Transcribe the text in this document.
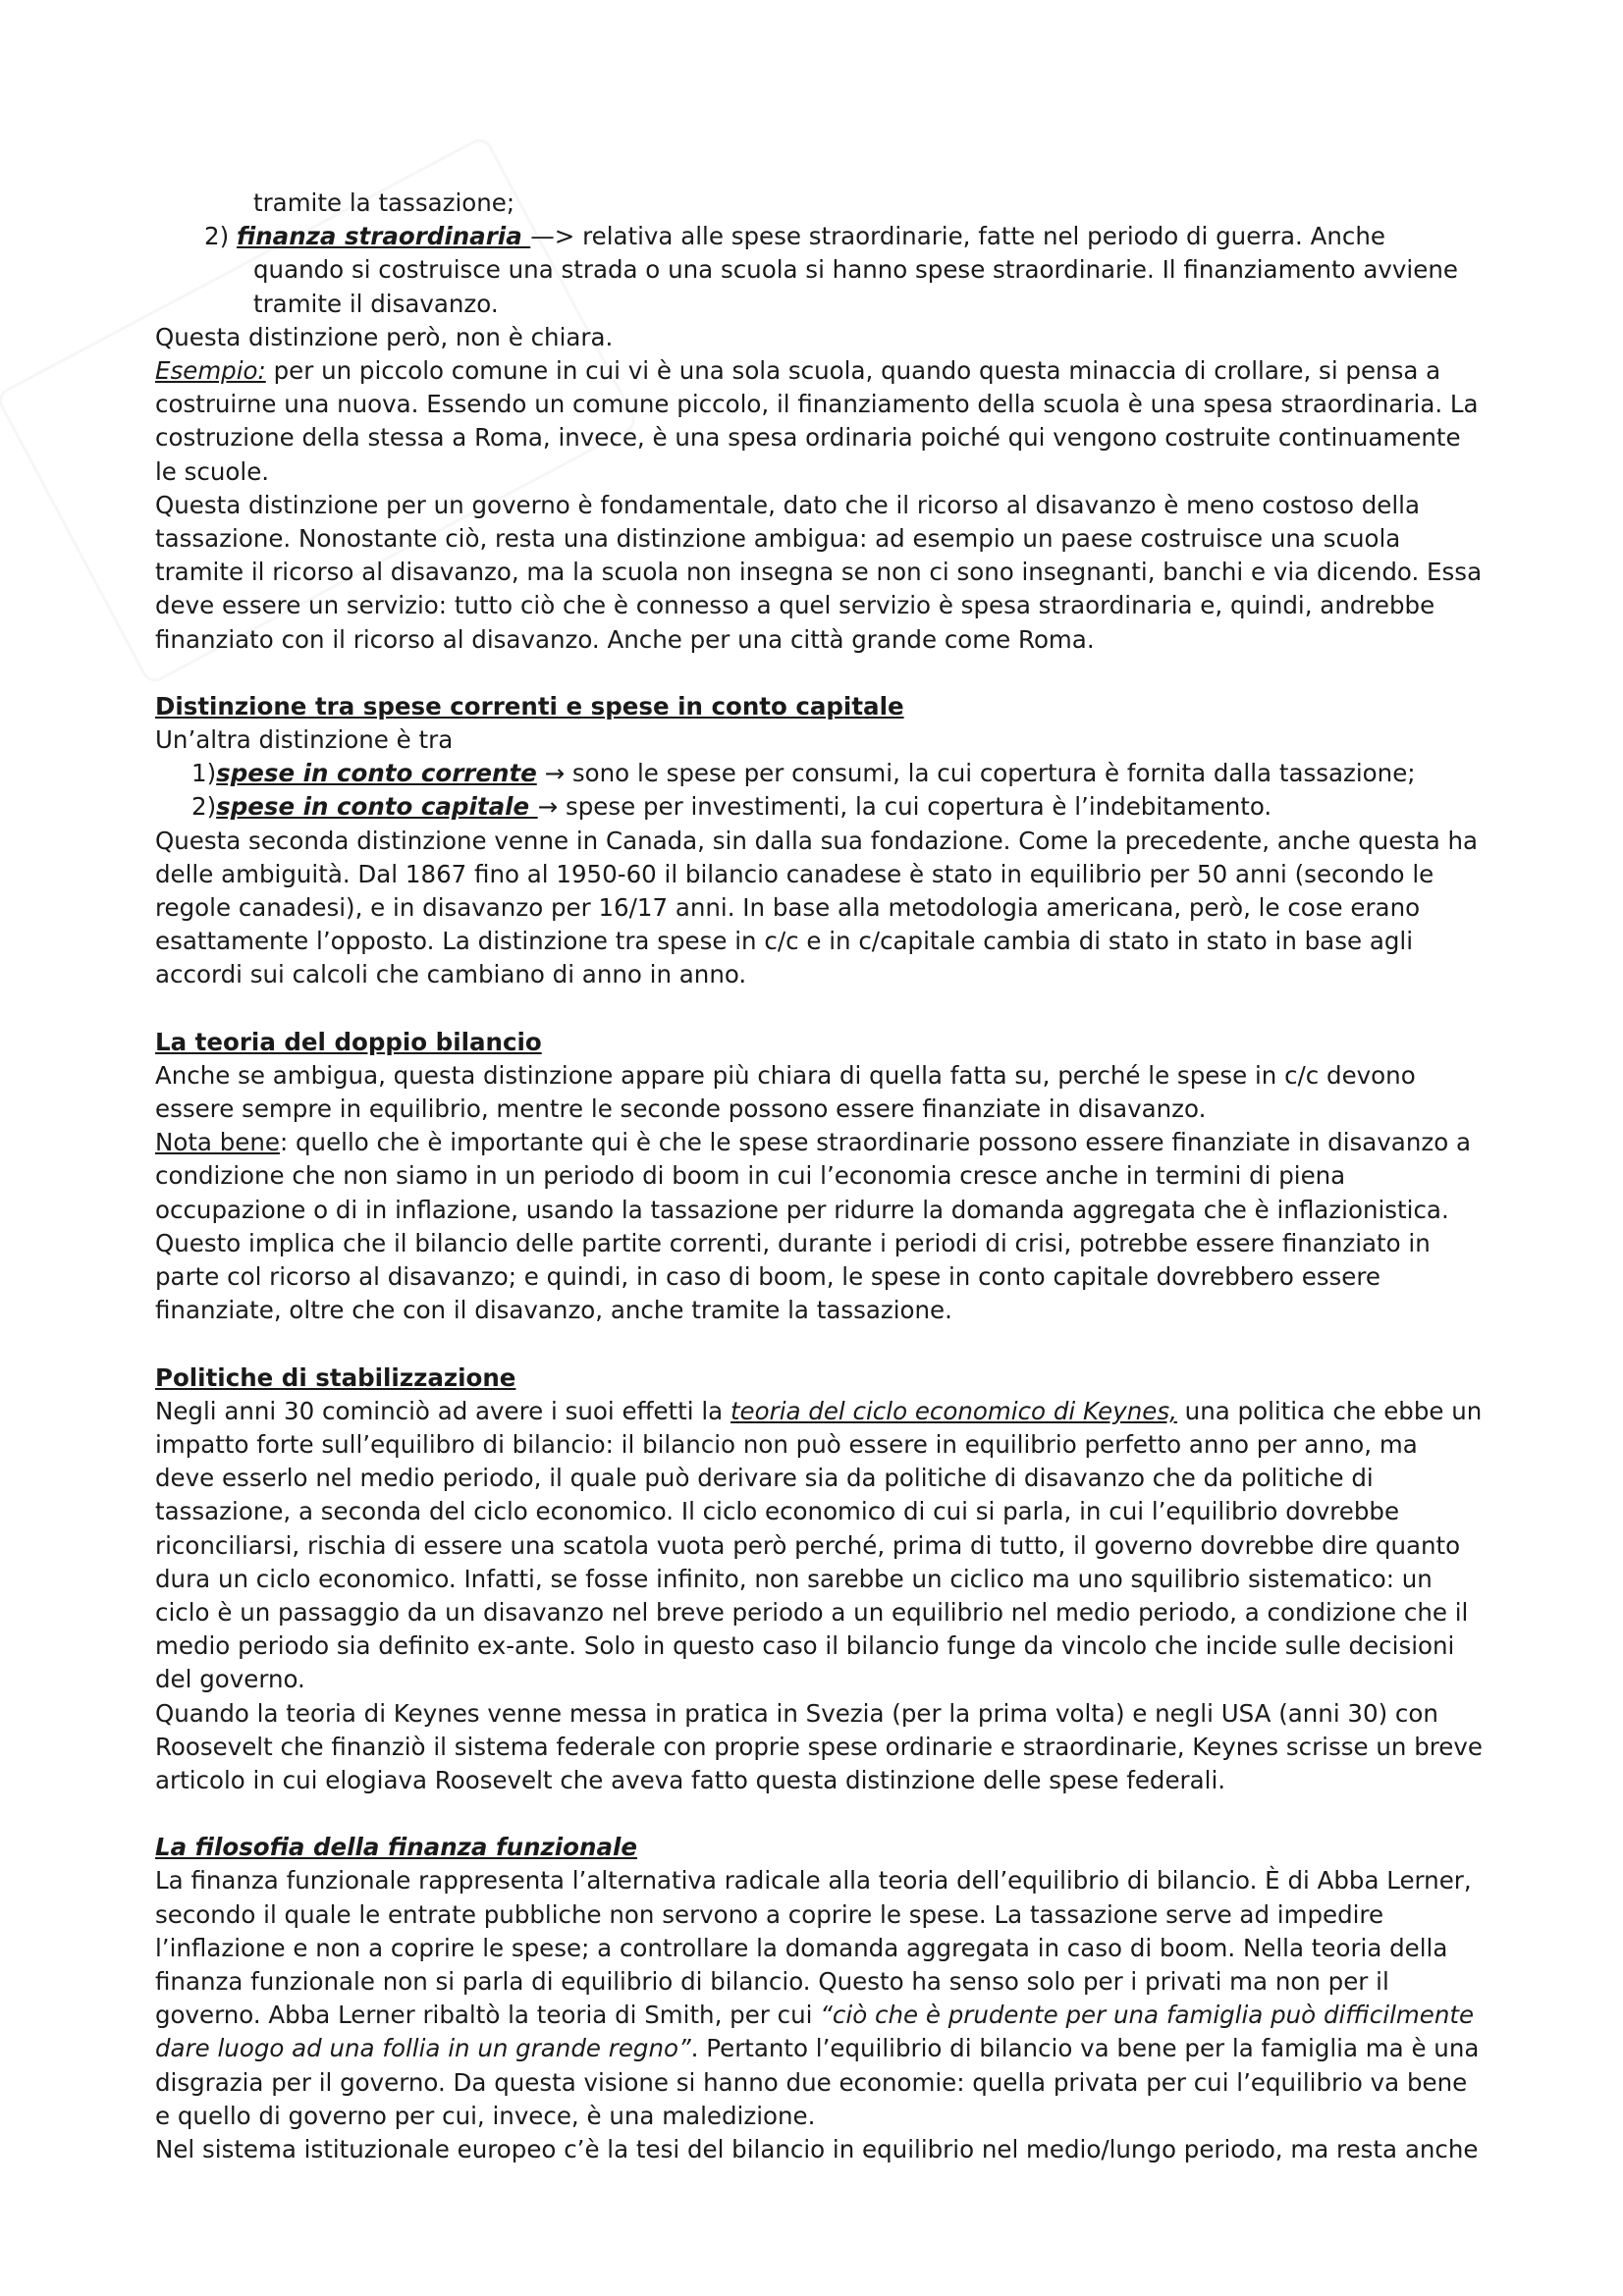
tramite la tassazione;

2) finanza straordinaria —> relativa alle spese straordinarie, fatte nel periodo di guerra. Anche quando si costruisce una strada o una scuola si hanno spese straordinarie. Il finanziamento avviene tramite il disavanzo.

Questa distinzione però, non è chiara.

Esempio: per un piccolo comune in cui vi è una sola scuola, quando questa minaccia di crollare, si pensa a costruirne una nuova. Essendo un comune piccolo, il finanziamento della scuola è una spesa straordinaria. La costruzione della stessa a Roma, invece, è una spesa ordinaria poiché qui vengono costruite continuamente le scuole.

Questa distinzione per un governo è fondamentale, dato che il ricorso al disavanzo è meno costoso della tassazione. Nonostante ciò, resta una distinzione ambigua: ad esempio un paese costruisce una scuola tramite il ricorso al disavanzo, ma la scuola non insegna se non ci sono insegnanti, banchi e via dicendo. Essa deve essere un servizio: tutto ciò che è connesso a quel servizio è spesa straordinaria e, quindi, andrebbe finanziato con il ricorso al disavanzo. Anche per una città grande come Roma.

Distinzione tra spese correnti e spese in conto capitale

Un’altra distinzione è tra

1)spese in conto corrente → sono le spese per consumi, la cui copertura è fornita dalla tassazione;

2)spese in conto capitale → spese per investimenti, la cui copertura è l’indebitamento.

Questa seconda distinzione venne in Canada, sin dalla sua fondazione. Come la precedente, anche questa ha delle ambiguità. Dal 1867 fino al 1950-60 il bilancio canadese è stato in equilibrio per 50 anni (secondo le regole canadesi), e in disavanzo per 16/17 anni. In base alla metodologia americana, però, le cose erano esattamente l’opposto. La distinzione tra spese in c/c e in c/capitale cambia di stato in stato in base agli accordi sui calcoli che cambiano di anno in anno.

La teoria del doppio bilancio

Anche se ambigua, questa distinzione appare più chiara di quella fatta su, perché le spese in c/c devono essere sempre in equilibrio, mentre le seconde possono essere finanziate in disavanzo.

Nota bene: quello che è importante qui è che le spese straordinarie possono essere finanziate in disavanzo a condizione che non siamo in un periodo di boom in cui l’economia cresce anche in termini di piena occupazione o di in inflazione, usando la tassazione per ridurre la domanda aggregata che è inflazionistica. Questo implica che il bilancio delle partite correnti, durante i periodi di crisi, potrebbe essere finanziato in parte col ricorso al disavanzo; e quindi, in caso di boom, le spese in conto capitale dovrebbero essere finanziate, oltre che con il disavanzo, anche tramite la tassazione.

Politiche di stabilizzazione

Negli anni 30 cominciò ad avere i suoi effetti la teoria del ciclo economico di Keynes, una politica che ebbe un impatto forte sull’equilibro di bilancio: il bilancio non può essere in equilibrio perfetto anno per anno, ma deve esserlo nel medio periodo, il quale può derivare sia da politiche di disavanzo che da politiche di tassazione, a seconda del ciclo economico. Il ciclo economico di cui si parla, in cui l’equilibrio dovrebbe riconciliarsi, rischia di essere una scatola vuota però perché, prima di tutto, il governo dovrebbe dire quanto dura un ciclo economico. Infatti, se fosse infinito, non sarebbe un ciclico ma uno squilibrio sistematico: un ciclo è un passaggio da un disavanzo nel breve periodo a un equilibrio nel medio periodo, a condizione che il medio periodo sia definito ex-ante. Solo in questo caso il bilancio funge da vincolo che incide sulle decisioni del governo.

Quando la teoria di Keynes venne messa in pratica in Svezia (per la prima volta) e negli USA (anni 30) con Roosevelt che finanziò il sistema federale con proprie spese ordinarie e straordinarie, Keynes scrisse un breve articolo in cui elogiava Roosevelt che aveva fatto questa distinzione delle spese federali.

La filosofia della finanza funzionale

La finanza funzionale rappresenta l’alternativa radicale alla teoria dell’equilibrio di bilancio. È di Abba Lerner, secondo il quale le entrate pubbliche non servono a coprire le spese. La tassazione serve ad impedire l’inflazione e non a coprire le spese; a controllare la domanda aggregata in caso di boom. Nella teoria della finanza funzionale non si parla di equilibrio di bilancio. Questo ha senso solo per i privati ma non per il governo. Abba Lerner ribaltò la teoria di Smith, per cui “ciò che è prudente per una famiglia può difficilmente dare luogo ad una follia in un grande regno”. Pertanto l’equilibrio di bilancio va bene per la famiglia ma è una disgrazia per il governo. Da questa visione si hanno due economie: quella privata per cui l’equilibrio va bene e quello di governo per cui, invece, è una maledizione.

Nel sistema istituzionale europeo c’è la tesi del bilancio in equilibrio nel medio/lungo periodo, ma resta anche
